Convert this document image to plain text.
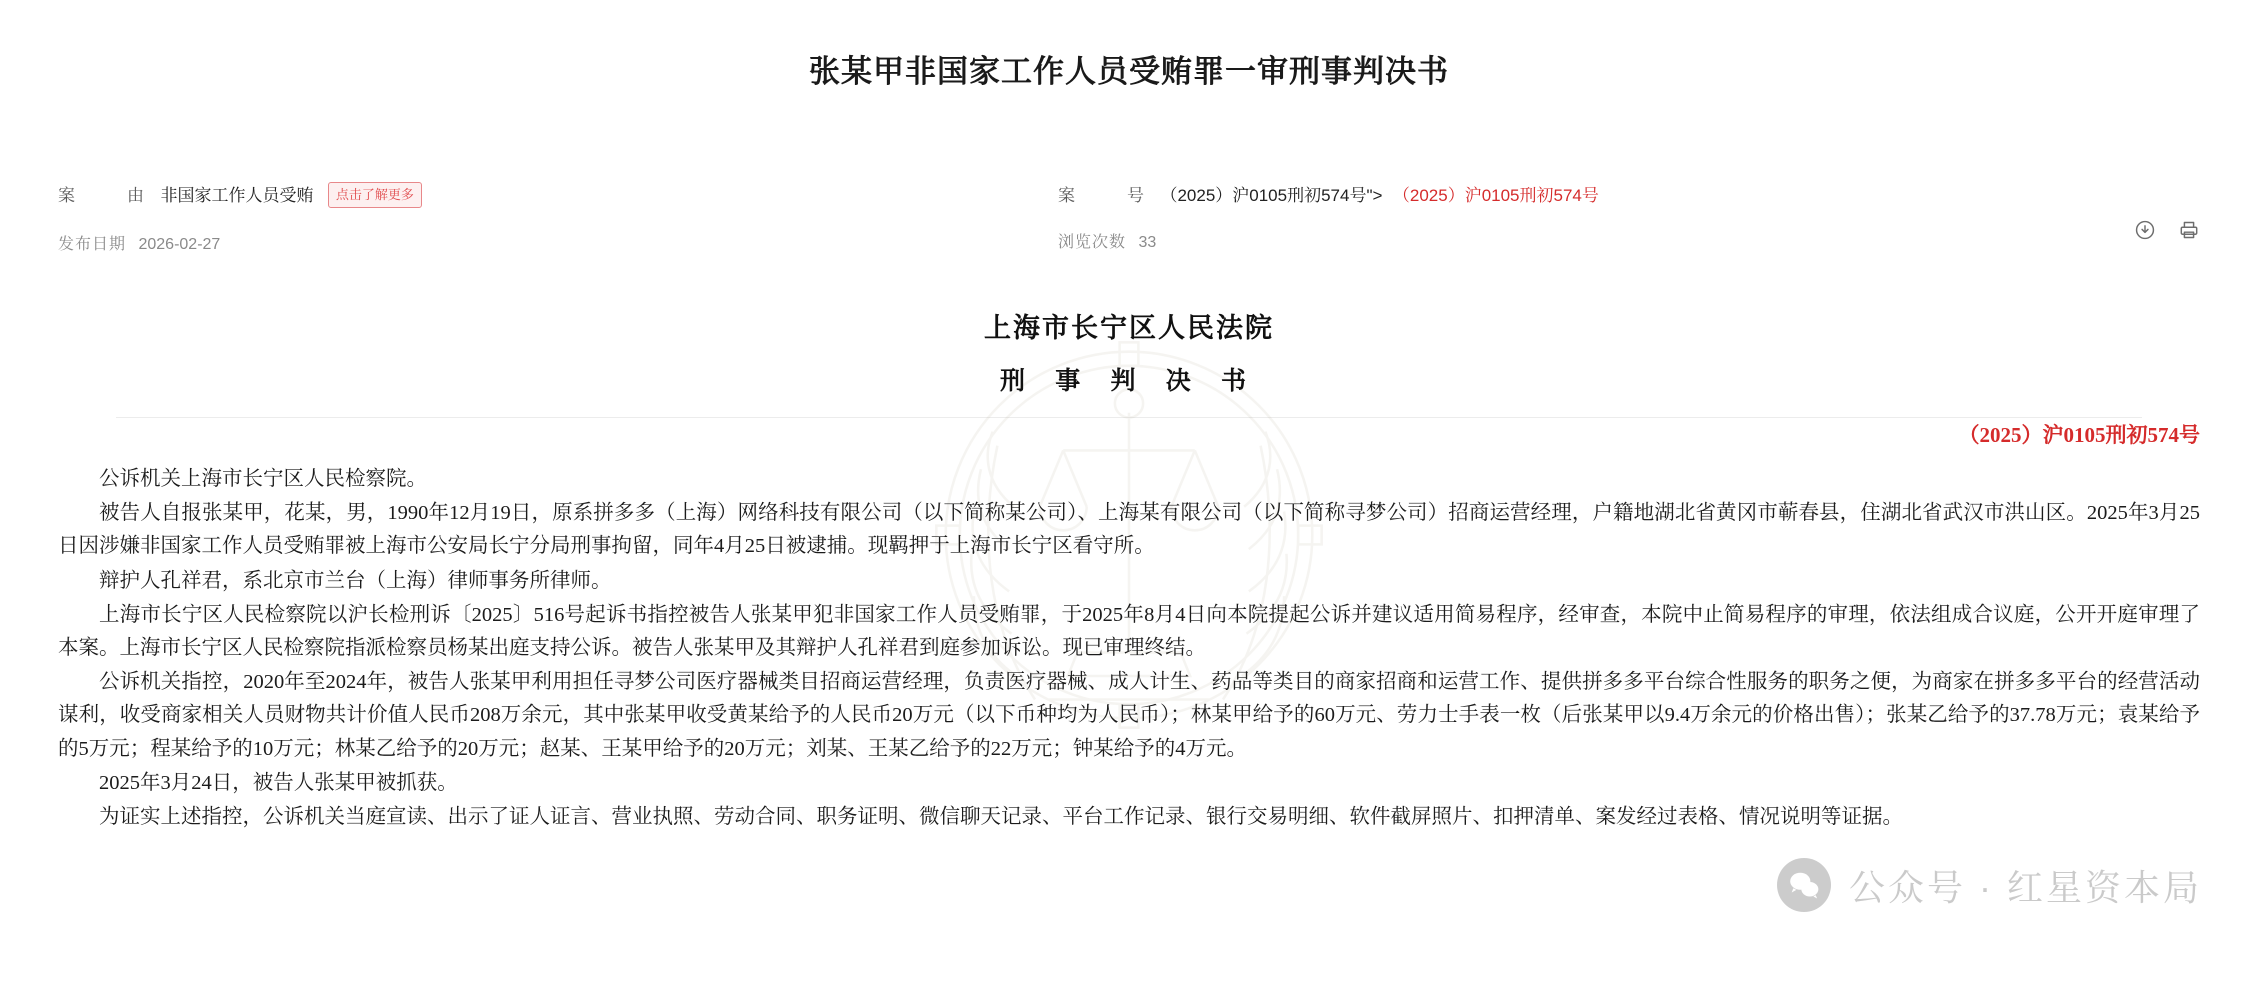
张某甲非国家工作人员受贿罪一审刑事判决书
案　　由 非国家工作人员受贿 点击了解更多
发布日期 2026-02-27
案　　号 （2025）沪0105刑初574号"> （2025）沪0105刑初574号
浏览次数 33
上海市长宁区人民法院
刑 事 判 决 书
（2025）沪0105刑初574号

公诉机关上海市长宁区人民检察院。

被告人自报张某甲，花某，男，1990年12月19日，原系拼多多（上海）网络科技有限公司（以下简称某公司）、上海某有限公司（以下简称寻梦公司）招商运营经理，户籍地湖北省黄冈市蕲春县，住湖北省武汉市洪山区。2025年3月25日因涉嫌非国家工作人员受贿罪被上海市公安局长宁分局刑事拘留，同年4月25日被逮捕。现羁押于上海市长宁区看守所。

辩护人孔祥君，系北京市兰台（上海）律师事务所律师。

上海市长宁区人民检察院以沪长检刑诉〔2025〕516号起诉书指控被告人张某甲犯非国家工作人员受贿罪，于2025年8月4日向本院提起公诉并建议适用简易程序，经审查，本院中止简易程序的审理，依法组成合议庭，公开开庭审理了本案。上海市长宁区人民检察院指派检察员杨某出庭支持公诉。被告人张某甲及其辩护人孔祥君到庭参加诉讼。现已审理终结。

公诉机关指控，2020年至2024年，被告人张某甲利用担任寻梦公司医疗器械类目招商运营经理，负责医疗器械、成人计生、药品等类目的商家招商和运营工作、提供拼多多平台综合性服务的职务之便，为商家在拼多多平台的经营活动谋利，收受商家相关人员财物共计价值人民币208万余元，其中张某甲收受黄某给予的人民币20万元（以下币种均为人民币）；林某甲给予的60万元、劳力士手表一枚（后张某甲以9.4万余元的价格出售）；张某乙给予的37.78万元；袁某给予的5万元；程某给予的10万元；林某乙给予的20万元；赵某、王某甲给予的20万元；刘某、王某乙给予的22万元；钟某给予的4万元。

2025年3月24日，被告人张某甲被抓获。

为证实上述指控，公诉机关当庭宣读、出示了证人证言、营业执照、劳动合同、职务证明、微信聊天记录、平台工作记录、银行交易明细、软件截屏照片、扣押清单、案发经过表格、情况说明等证据。

公众号 · 红星资本局
